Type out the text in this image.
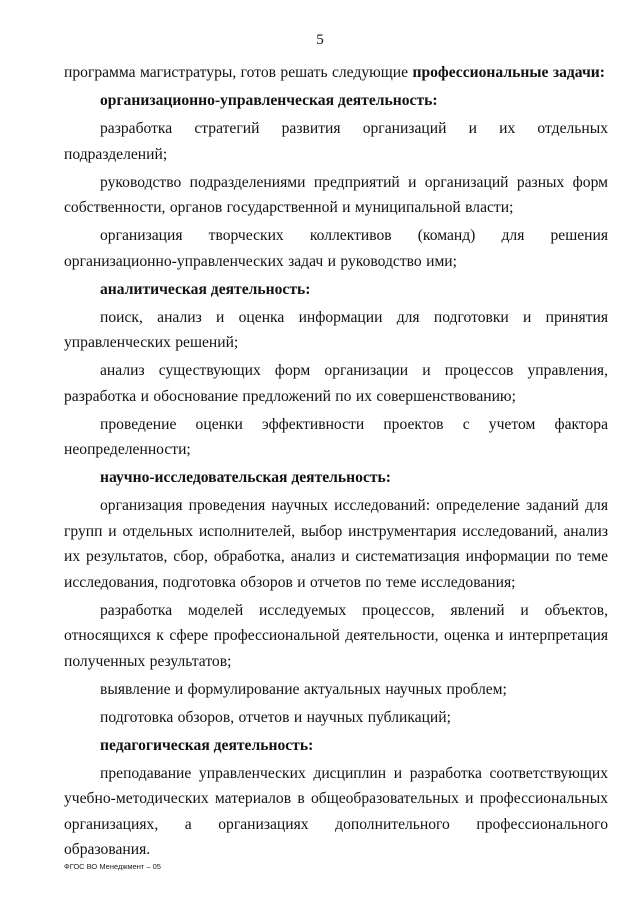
5

программа магистратуры, готов решать следующие профессиональные задачи:

организационно-управленческая деятельность:

разработка стратегий развития организаций и их отдельных подразделений;

руководство подразделениями предприятий и организаций разных форм собственности, органов государственной и муниципальной власти;

организация творческих коллективов (команд) для решения организационно-управленческих задач и руководство ими;

аналитическая деятельность:

поиск, анализ и оценка информации для подготовки и принятия управленческих решений;

анализ существующих форм организации и процессов управления, разработка и обоснование предложений по их совершенствованию;

проведение оценки эффективности проектов с учетом фактора неопределенности;

научно-исследовательская деятельность:

организация проведения научных исследований: определение заданий для групп и отдельных исполнителей, выбор инструментария исследований, анализ их результатов, сбор, обработка, анализ и систематизация информации по теме исследования, подготовка обзоров и отчетов по теме исследования;

разработка моделей исследуемых процессов, явлений и объектов, относящихся к сфере профессиональной деятельности, оценка и интерпретация полученных результатов;

выявление и формулирование актуальных научных проблем;

подготовка обзоров, отчетов и научных публикаций;

педагогическая деятельность:

преподавание управленческих дисциплин и разработка соответствующих учебно-методических материалов в общеобразовательных и профессиональных организациях, а организациях дополнительного профессионального образования.

ФГОС ВО Менеджмент – 05
